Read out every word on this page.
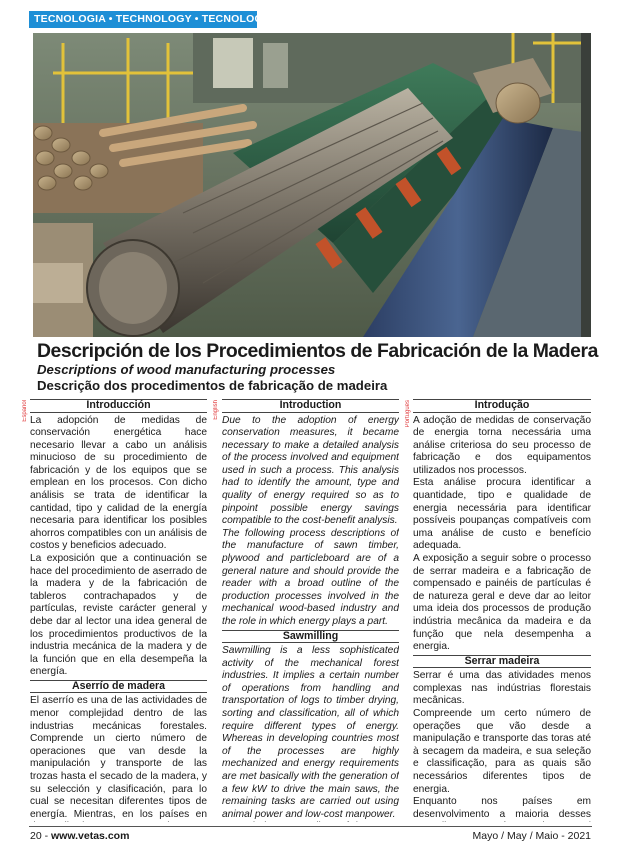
TECNOLOGIA • TECHNOLOGY • TECNOLOGIA
Descripción de los Procedimientos de Fabricación de la Madera
Descriptions of wood manufacturing processes
Descrição dos procedimentos de fabricação de madeira
Español	English	Português
Introducción

La adopción de medidas de conservación energética hace necesario llevar a cabo un análisis minucioso de su procedimiento de fabricación y de los equipos que se emplean en los procesos. Con dicho análisis se trata de identificar la cantidad, tipo y calidad de la energía necesaria para identificar los posibles ahorros compatibles con un análisis de costos y beneficios adecuado.

La exposición que a continuación se hace del procedimiento de aserrado de la madera y de la fabricación de tableros contrachapados y de partículas, reviste carácter general y debe dar al lector una idea general de los procedimientos productivos de la industria mecánica de la madera y de la función que en ella desempeña la energía.

Aserrío de madera

El aserrío es una de las actividades de menor complejidad dentro de las industrias mecánicas forestales. Comprende un cierto número de operaciones que van desde la manipulación y transporte de las trozas hasta el secado de la madera, y su selección y clasificación, para lo cual se necesitan diferentes tipos de energía. Mientras, en los países en

Introduction

Due to the adoption of energy conservation measures, it became necessary to make a detailed analysis of the process involved and equipment used in such a process. This analysis had to identify the amount, type and quality of energy required so as to pinpoint possible energy savings compatible to the cost-benefit analysis.

The following process descriptions of the manufacture of sawn timber, plywood and particleboard are of a general nature and should provide the reader with a broad outline of the production processes involved in the mechanical wood-based industry and the role in which energy plays a part.

Sawmilling

Sawmilling is a less sophisticated activity of the mechanical forest industries. It implies a certain number of operations from handling and transportation of logs to timber drying, sorting and classification, all of which require different types of energy. Whereas in developing countries most of the processes are highly mechanized and energy requirements are met basically with the generation of a few kW to drive the main saws, the remaining tasks are carried out using animal power and low-cost manpower.

Introdução

A adoção de medidas de conservação de energia torna necessária uma análise criteriosa do seu processo de fabricação e dos equipamentos utilizados nos processos.

Esta análise procura identificar a quantidade, tipo e qualidade de energia necessária para identificar possíveis poupanças compatíveis com uma análise de custo e benefício adequada.

A exposição a seguir sobre o processo de serrar madeira e a fabricação de compensado e painéis de partículas é de natureza geral e deve dar ao leitor uma ideia dos processos de produção indústria mecânica da madeira e da função que nela desempenha a energia.

Serrar madeira

Serrar é uma das atividades menos complexas nas indústrias florestais mecânicas.

Compreende um certo número de operações que vão desde a manipulação e transporte das toras até à secagem da madeira, e sua seleção e classificação, para as quais são necessários diferentes tipos de energia.

Enquanto nos países em desenvolvimento a maioria desses

20 - www.vetas.com	Mayo / May / Maio - 2021
